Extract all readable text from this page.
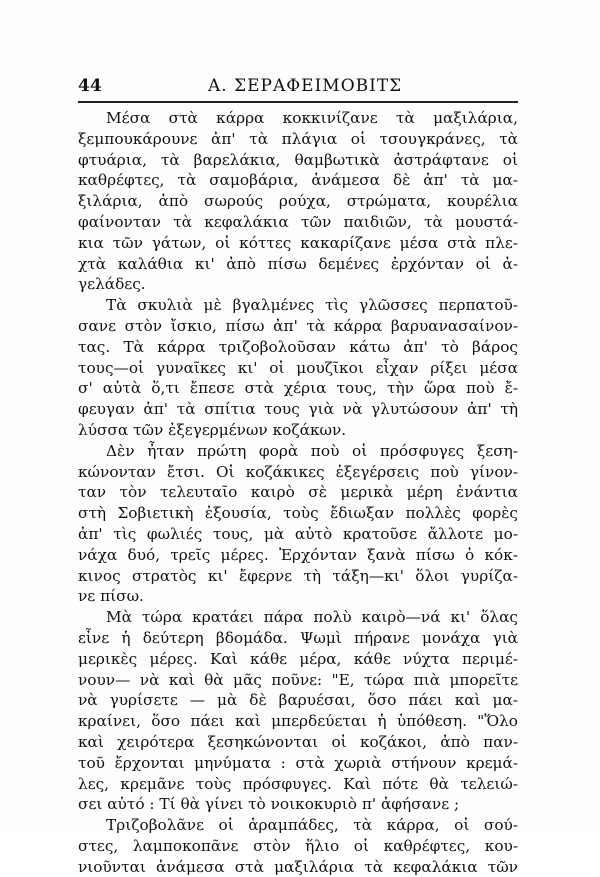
44	Α. ΣΕΡΑΦΕΙΜΟΒΙΤΣ
Μέσα στὰ κάρρα κοκκινίζανε τὰ μαξιλάρια,
ξεμπουκάρουνε ἀπ' τὰ πλάγια οἱ τσουγκράνες, τὰ
φτυάρια, τὰ βαρελάκια, θαμβωτικὰ ἀστράφτανε οἱ
καθρέφτες, τὰ σαμοβάρια, ἀνάμεσα δὲ ἀπ' τὰ μα-
ξιλάρια, ἀπὸ σωρούς ρούχα, στρώματα, κουρέλια
φαίνονταν τὰ κεφαλάκια τῶν παιδιῶν, τὰ μουστά-
κια τῶν γάτων, οἱ κόττες κακαρίζανε μέσα στὰ πλε-
χτὰ καλάθια κι' ἀπὸ πίσω δεμένες ἐρχόνταν οἱ ἀ-
γελάδες.
Τὰ σκυλιὰ μὲ βγαλμένες τὶς γλῶσσες περπατοῦ-
σανε στὸν ἴσκιο, πίσω ἀπ' τὰ κάρρα βαρυανασαίνον-
τας. Τὰ κάρρα τριζοβολοῦσαν κάτω ἀπ' τὸ βάρος
τους—οἱ γυναῖκες κι' οἱ μουζῖκοι εἶχαν ρίξει μέσα
σ' αὐτὰ ὅ,τι ἔπεσε στὰ χέρια τους, τὴν ὥρα ποὺ ἔ-
φευγαν ἀπ' τὰ σπίτια τους γιὰ νὰ γλυτώσουν ἀπ' τὴ
λύσσα τῶν ἐξεγερμένων κοζάκων.
Δὲν ἦταν πρώτη φορὰ ποὺ οἱ πρόσφυγες ξεση-
κώνονταν ἔτσι. Οἱ κοζάκικες ἐξεγέρσεις ποὺ γίνον-
ταν τὸν τελευταῖο καιρὸ σὲ μερικὰ μέρη ἐνάντια
στὴ Σοβιετικὴ ἐξουσία, τοὺς ἔδιωξαν πολλὲς φορὲς
ἀπ' τὶς φωλιές τους, μὰ αὐτὸ κρατοῦσε ἄλλοτε μο-
νάχα δυό, τρεῖς μέρες. Ἐρχόνταν ξανὰ πίσω ὁ κόκ-
κινος στρατὸς κι' ἔφερνε τὴ τάξη—κι' ὅλοι γυρίζα-
νε πίσω.
Μὰ τώρα κρατάει πάρα πολὺ καιρὸ—νά κι' ὅλας
εἶνε ἡ δεύτερη βδομάδα. Ψωμὶ πήρανε μονάχα γιὰ
μερικὲς μέρες. Καὶ κάθε μέρα, κάθε νύχτα περιμέ-
νουν— νὰ καὶ θὰ μᾶς ποῦνε: "Ε, τώρα πιὰ μπορεῖτε
νὰ γυρίσετε — μὰ δὲ βαρυέσαι, ὅσο πάει καὶ μα-
κραίνει, ὅσο πάει καὶ μπερδεύεται ἡ ὑπόθεση. "Ὅλο
καὶ χειρότερα ξεσηκώνονται οἱ κοζάκοι, ἀπὸ παν-
τοῦ ἔρχονται μηνύματα : στὰ χωριὰ στήνουν κρεμά-
λες, κρεμᾶνε τοὺς πρόσφυγες. Καὶ πότε θὰ τελειώ-
σει αὐτό : Τί θὰ γίνει τὸ νοικοκυριὸ π' ἀφήσανε ;
Τριζοβολᾶνε οἱ ἁραμπάδες, τὰ κάρρα, οἱ σού-
στες, λαμποκοπᾶνε στὸν ἥλιο οἱ καθρέφτες, κου-
νιοῦνται ἀνάμεσα στὰ μαξιλάρια τὰ κεφαλάκια τῶν
